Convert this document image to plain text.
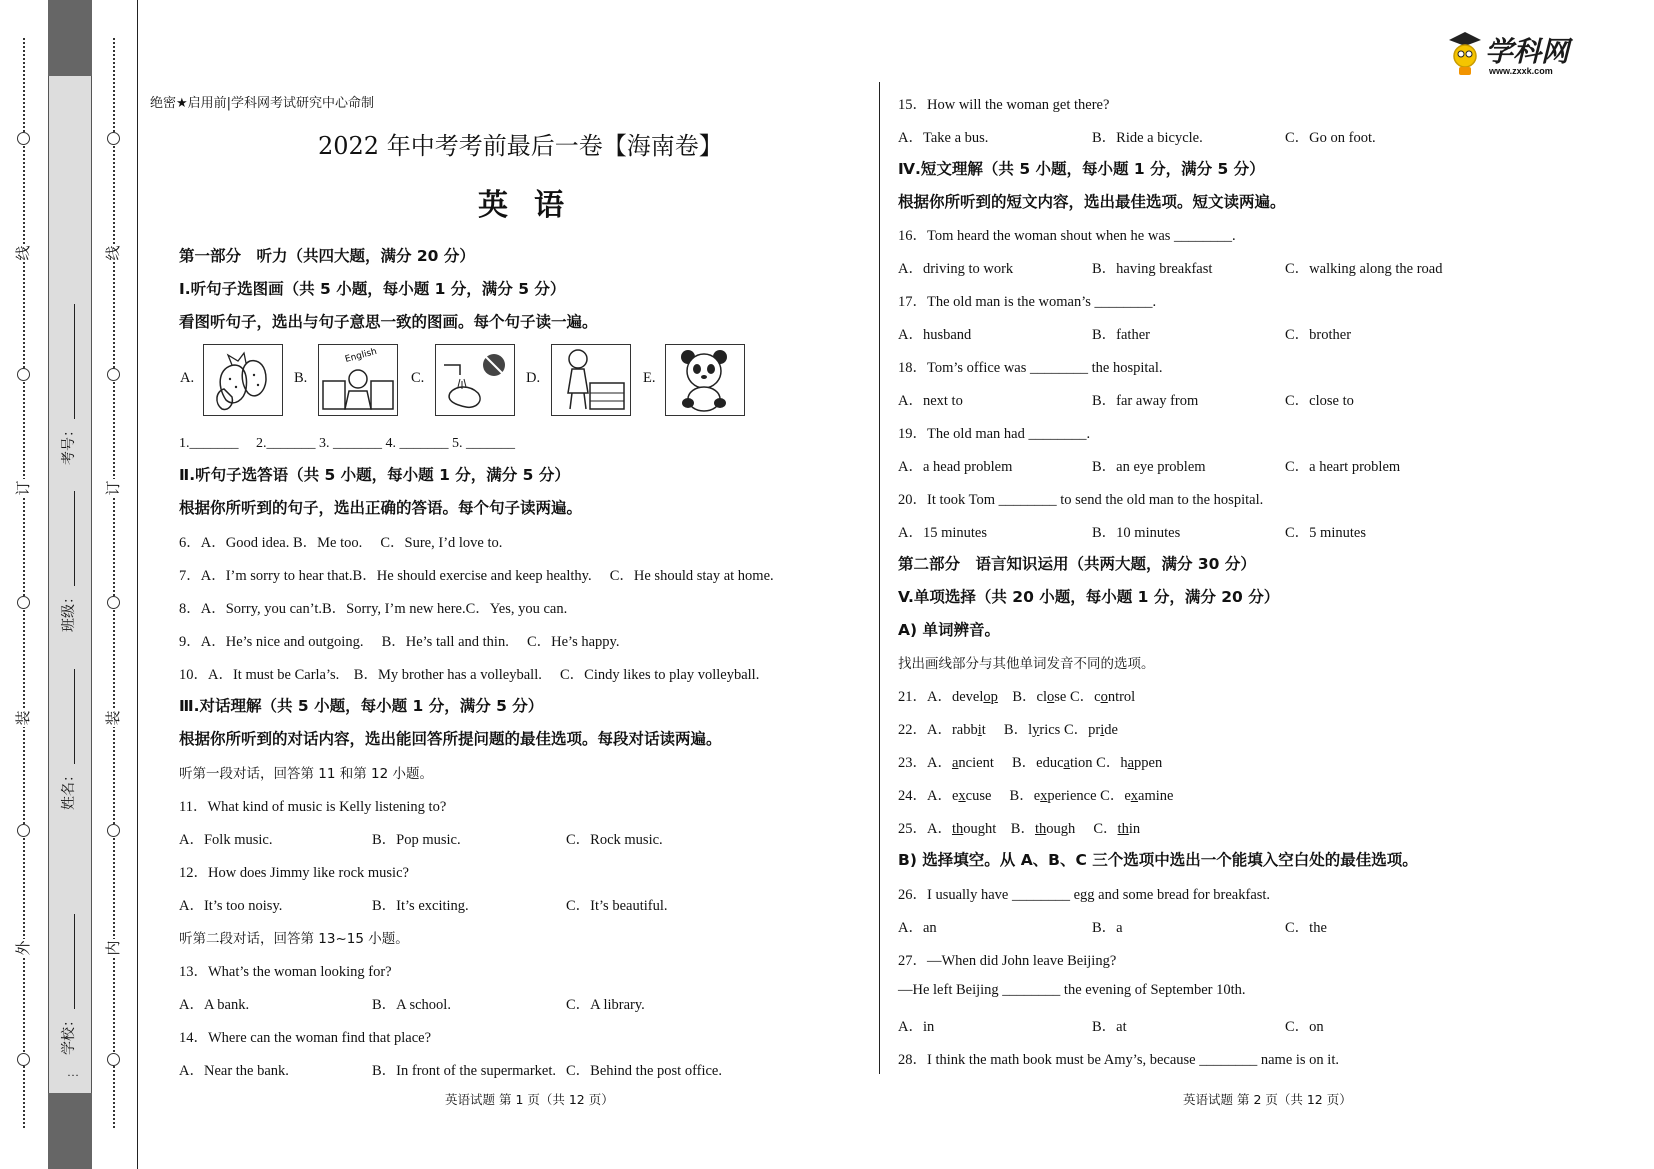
线
订
装
外
线
订
装
内
学校：
姓名：
班级：
考号：
…
学科网
www.zxxk.com
绝密★启用前|学科网考试研究中心命制
2022 年中考考前最后一卷【海南卷】
英语
第一部分　听力（共四大题，满分 20 分）
Ⅰ.听句子选图画（共 5 小题，每小题 1 分，满分 5 分）
看图听句子，选出与句子意思一致的图画。每个句子读一遍。
A.	B.
English
C.	D.	E.
1._______　 2._______ 3. _______ 4. _______ 5. _______
Ⅱ.听句子选答语（共 5 小题，每小题 1 分，满分 5 分）
根据你所听到的句子，选出正确的答语。每个句子读两遍。
6．A．Good idea. B．Me too.　 C．Sure, I’d love to.
7．A．I’m sorry to hear that.B．He should exercise and keep healthy.　 C．He should stay at home.
8．A．Sorry, you can’t.B．Sorry, I’m new here.C．Yes, you can.
9．A．He’s nice and outgoing.　 B．He’s tall and thin.　 C．He’s happy.
10．A．It must be Carla’s.　B．My brother has a volleyball.　 C．Cindy likes to play volleyball.
Ⅲ.对话理解（共 5 小题，每小题 1 分，满分 5 分）
根据你所听到的对话内容，选出能回答所提问题的最佳选项。每段对话读两遍。
听第一段对话，回答第 11 和第 12 小题。
11．What kind of music is Kelly listening to?
A．Folk music.	B．Pop music.	C．Rock music.
12．How does Jimmy like rock music?
A．It’s too noisy.	B．It’s exciting.	C．It’s beautiful.
听第二段对话，回答第 13~15 小题。
13．What’s the woman looking for?
A．A bank.	B．A school.	C．A library.
14．Where can the woman find that place?
A．Near the bank.	B．In front of the supermarket. C．Behind the post office.
英语试题 第 1 页（共 12 页）
15．How will the woman get there?
A．Take a bus.	B．Ride a bicycle.	C．Go on foot.
Ⅳ.短文理解（共 5 小题，每小题 1 分，满分 5 分）
根据你所听到的短文内容，选出最佳选项。短文读两遍。
16．Tom heard the woman shout when he was ________.
A．driving to work	B．having breakfast	C．walking along the road
17．The old man is the woman’s ________.
A．husband	B．father	C．brother
18．Tom’s office was ________ the hospital.
A．next to	B．far away from	C．close to
19．The old man had ________.
A．a head problem	B．an eye problem	C．a heart problem
20．It took Tom ________ to send the old man to the hospital.
A．15 minutes	B．10 minutes	C．5 minutes
第二部分　语言知识运用（共两大题，满分 30 分）
V.单项选择（共 20 小题，每小题 1 分，满分 20 分）
A) 单词辨音。
找出画线部分与其他单词发音不同的选项。
21．A．develop　B．close C．control
22．A．rabbit　 B．lyrics C．pride
23．A．ancient　 B．education C．happen
24．A．excuse　 B．experience C．examine
25．A．thought　B．though　 C．thin
B) 选择填空。从 A、B、C 三个选项中选出一个能填入空白处的最佳选项。
26．I usually have ________ egg and some bread for breakfast.
A．an	B．a	C．the
27．—When did John leave Beijing?
—He left Beijing ________ the evening of September 10th.
A．in	B．at	C．on
28．I think the math book must be Amy’s, because ________ name is on it.
英语试题 第 2 页（共 12 页）
